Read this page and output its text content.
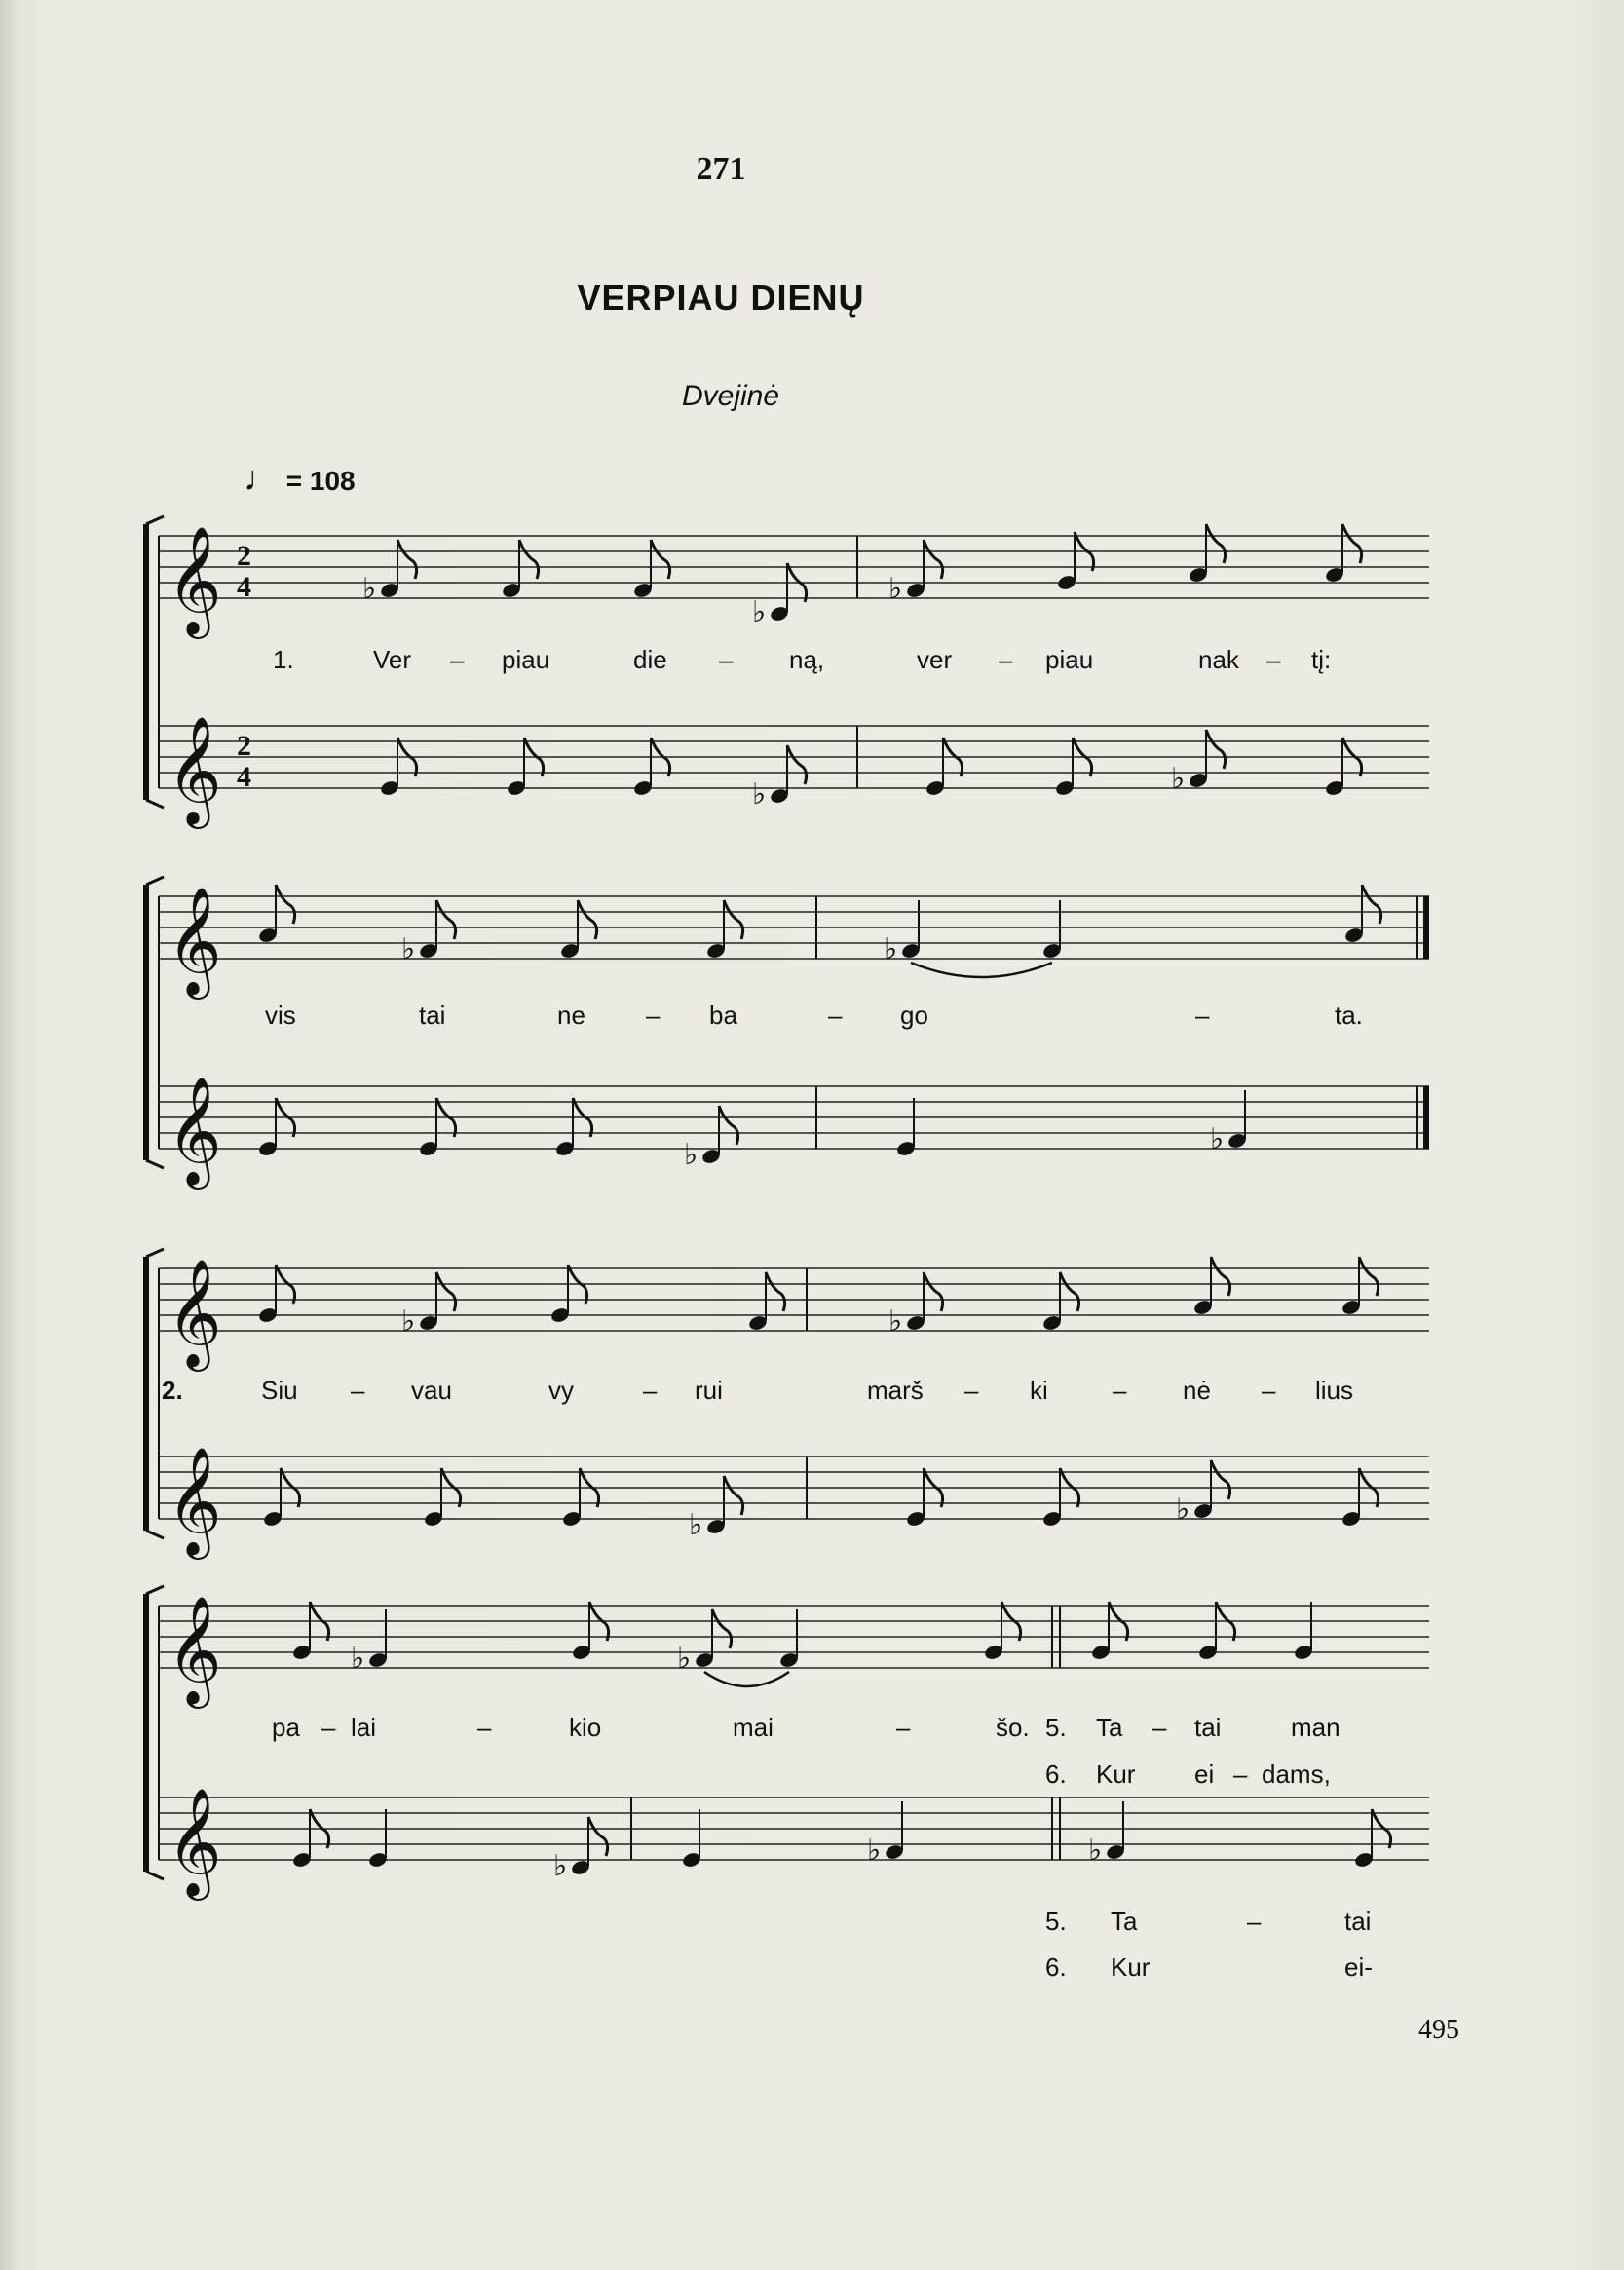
271
VERPIAU DIENŲ
Dvejinė
♩ = 108
𝄞 2
4
𝄞 2
4
𝄞
𝄞
𝄞
𝄞
𝄞
𝄞
♭
♭
♭
♭	♭
♭	♭
♭	♭
♭	♭
♭	♭
♭	♭
♭	♭	♭
1.	Ver – piau	die – ną,	ver – piau	nak – tį:
vis	tai	ne – ba	– go	–	ta.
2.	Siu – vau	vy	– rui	marš – ki	– nė – lius
pa – lai	–	kio	mai	–	šo. 5. Ta – tai	man
6. Kur ei – dams,
5. Ta	–	tai
6. Kur	ei-
495
